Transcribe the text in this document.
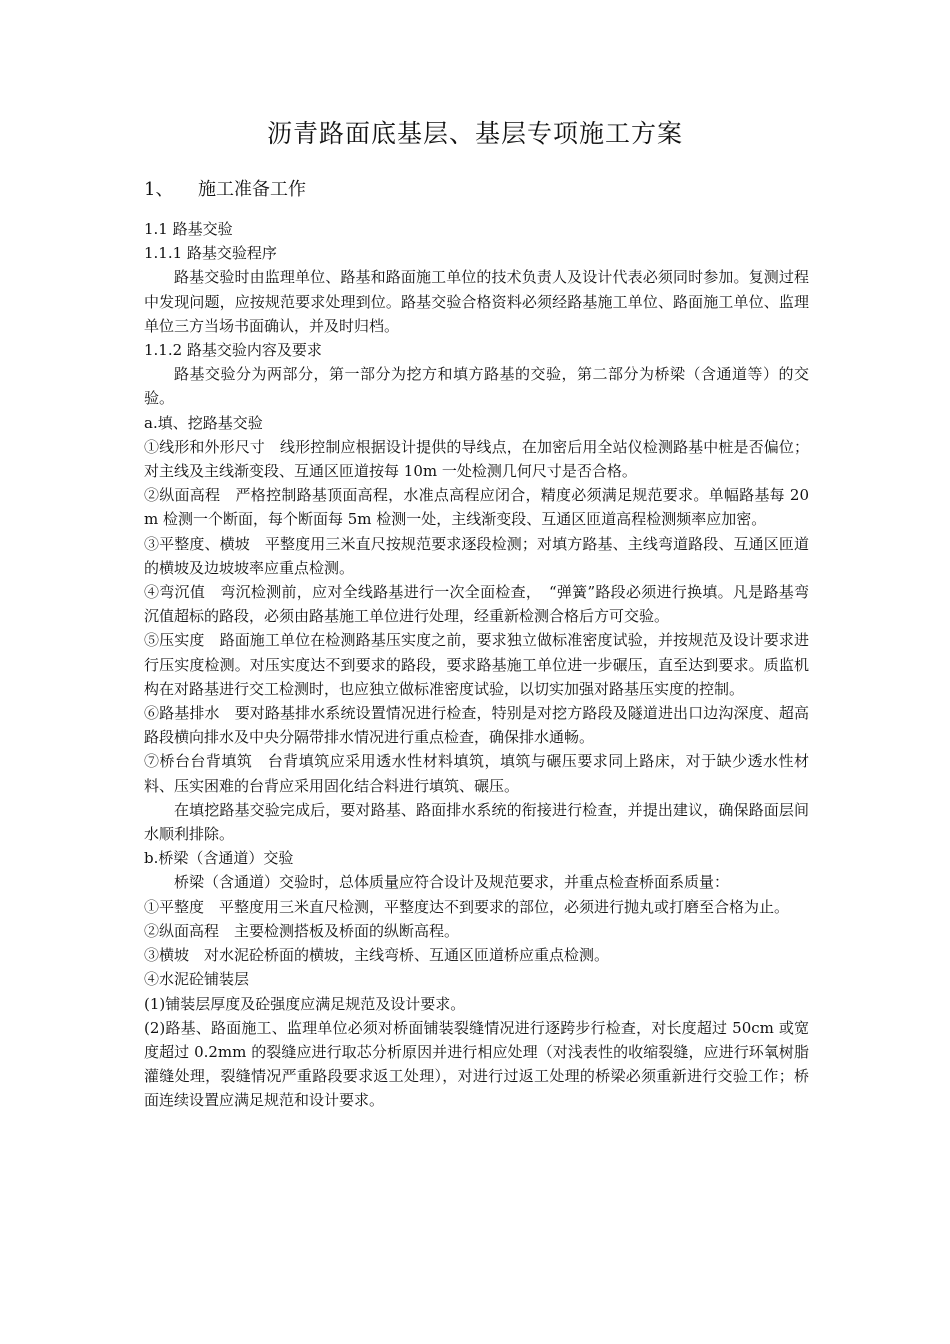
沥青路面底基层、基层专项施工方案
1、 施工准备工作

1.1 路基交验

1.1.1 路基交验程序

路基交验时由监理单位、路基和路面施工单位的技术负责人及设计代表必须同时参加。复测过程中发现问题，应按规范要求处理到位。路基交验合格资料必须经路基施工单位、路面施工单位、监理单位三方当场书面确认，并及时归档。

1.1.2 路基交验内容及要求

路基交验分为两部分，第一部分为挖方和填方路基的交验，第二部分为桥梁（含通道等）的交验。

a.填、挖路基交验

①线形和外形尺寸　线形控制应根据设计提供的导线点，在加密后用全站仪检测路基中桩是否偏位；对主线及主线渐变段、互通区匝道按每 10m 一处检测几何尺寸是否合格。

②纵面高程　严格控制路基顶面高程，水准点高程应闭合，精度必须满足规范要求。单幅路基每 20m 检测一个断面，每个断面每 5m 检测一处，主线渐变段、互通区匝道高程检测频率应加密。

③平整度、横坡　平整度用三米直尺按规范要求逐段检测；对填方路基、主线弯道路段、互通区匝道的横坡及边坡坡率应重点检测。

④弯沉值　弯沉检测前，应对全线路基进行一次全面检查，　“弹簧”路段必须进行换填。凡是路基弯沉值超标的路段，必须由路基施工单位进行处理，经重新检测合格后方可交验。

⑤压实度　路面施工单位在检测路基压实度之前，要求独立做标准密度试验，并按规范及设计要求进行压实度检测。对压实度达不到要求的路段，要求路基施工单位进一步碾压，直至达到要求。质监机构在对路基进行交工检测时，也应独立做标准密度试验，以切实加强对路基压实度的控制。

⑥路基排水　要对路基排水系统设置情况进行检查，特别是对挖方路段及隧道进出口边沟深度、超高路段横向排水及中央分隔带排水情况进行重点检查，确保排水通畅。

⑦桥台台背填筑　台背填筑应采用透水性材料填筑，填筑与碾压要求同上路床，对于缺少透水性材料、压实困难的台背应采用固化结合料进行填筑、碾压。

在填挖路基交验完成后，要对路基、路面排水系统的衔接进行检查，并提出建议，确保路面层间水顺利排除。

b.桥梁（含通道）交验

桥梁（含通道）交验时，总体质量应符合设计及规范要求，并重点检查桥面系质量：

①平整度　平整度用三米直尺检测，平整度达不到要求的部位，必须进行抛丸或打磨至合格为止。

②纵面高程　主要检测搭板及桥面的纵断高程。

③横坡　对水泥砼桥面的横坡，主线弯桥、互通区匝道桥应重点检测。

④水泥砼铺装层

(1)铺装层厚度及砼强度应满足规范及设计要求。

(2)路基、路面施工、监理单位必须对桥面铺装裂缝情况进行逐跨步行检查，对长度超过 50cm 或宽度超过 0.2mm 的裂缝应进行取芯分析原因并进行相应处理（对浅表性的收缩裂缝，应进行环氧树脂灌缝处理，裂缝情况严重路段要求返工处理），对进行过返工处理的桥梁必须重新进行交验工作；桥面连续设置应满足规范和设计要求。
